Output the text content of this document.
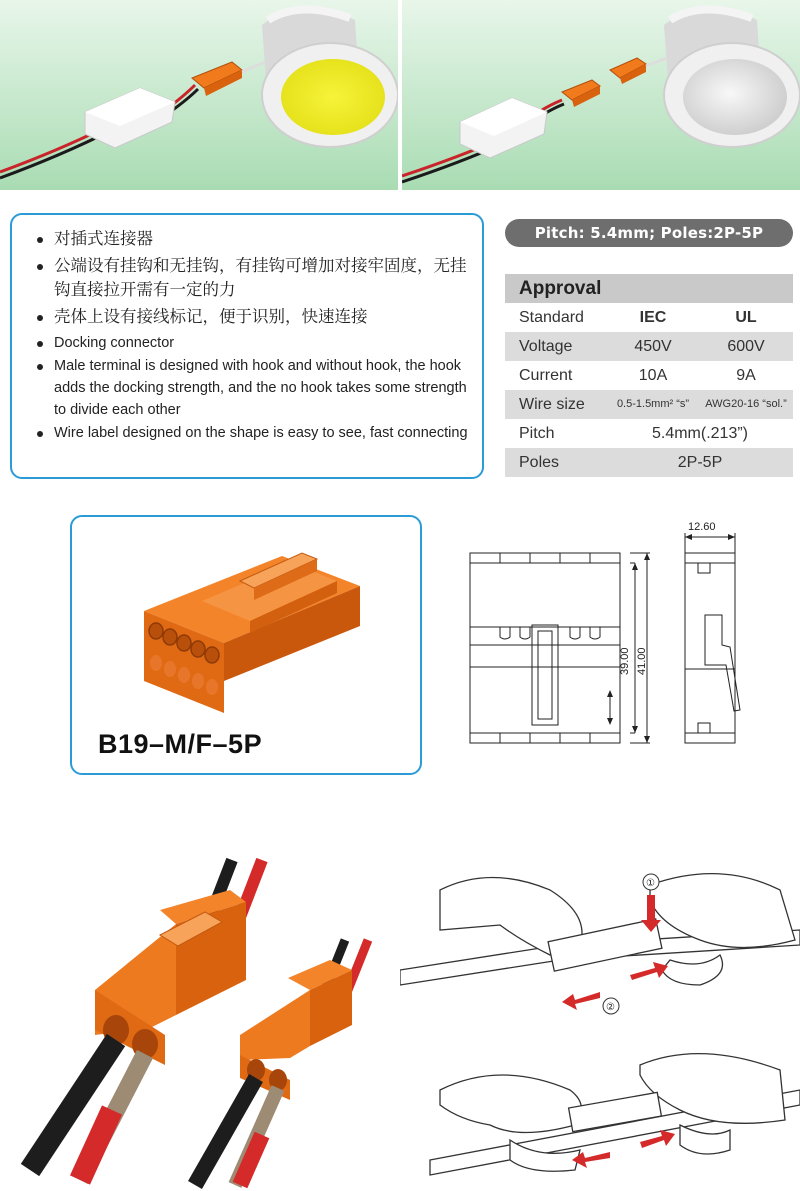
对插式连接器
公端设有挂钩和无挂钩，有挂钩可增加对接牢固度，无挂钩直接拉开需有一定的力
壳体上设有接线标记，便于识别，快速连接
Docking connector
Male terminal is designed with hook and without hook, the hook adds the docking strength, and the no hook takes some strength to divide each other
Wire label designed on the shape is easy to see, fast connecting
Pitch: 5.4mm; Poles:2P-5P
Approval
Standard	IEC	UL
Voltage	450V	600V
Current	10A	9A
Wire size	0.5-1.5mm² “s”	AWG20-16 “sol.”
Pitch	5.4mm(.213”)
Poles	2P-5P
B19–M/F–5P
12.60
39.00 41.00
①
②
